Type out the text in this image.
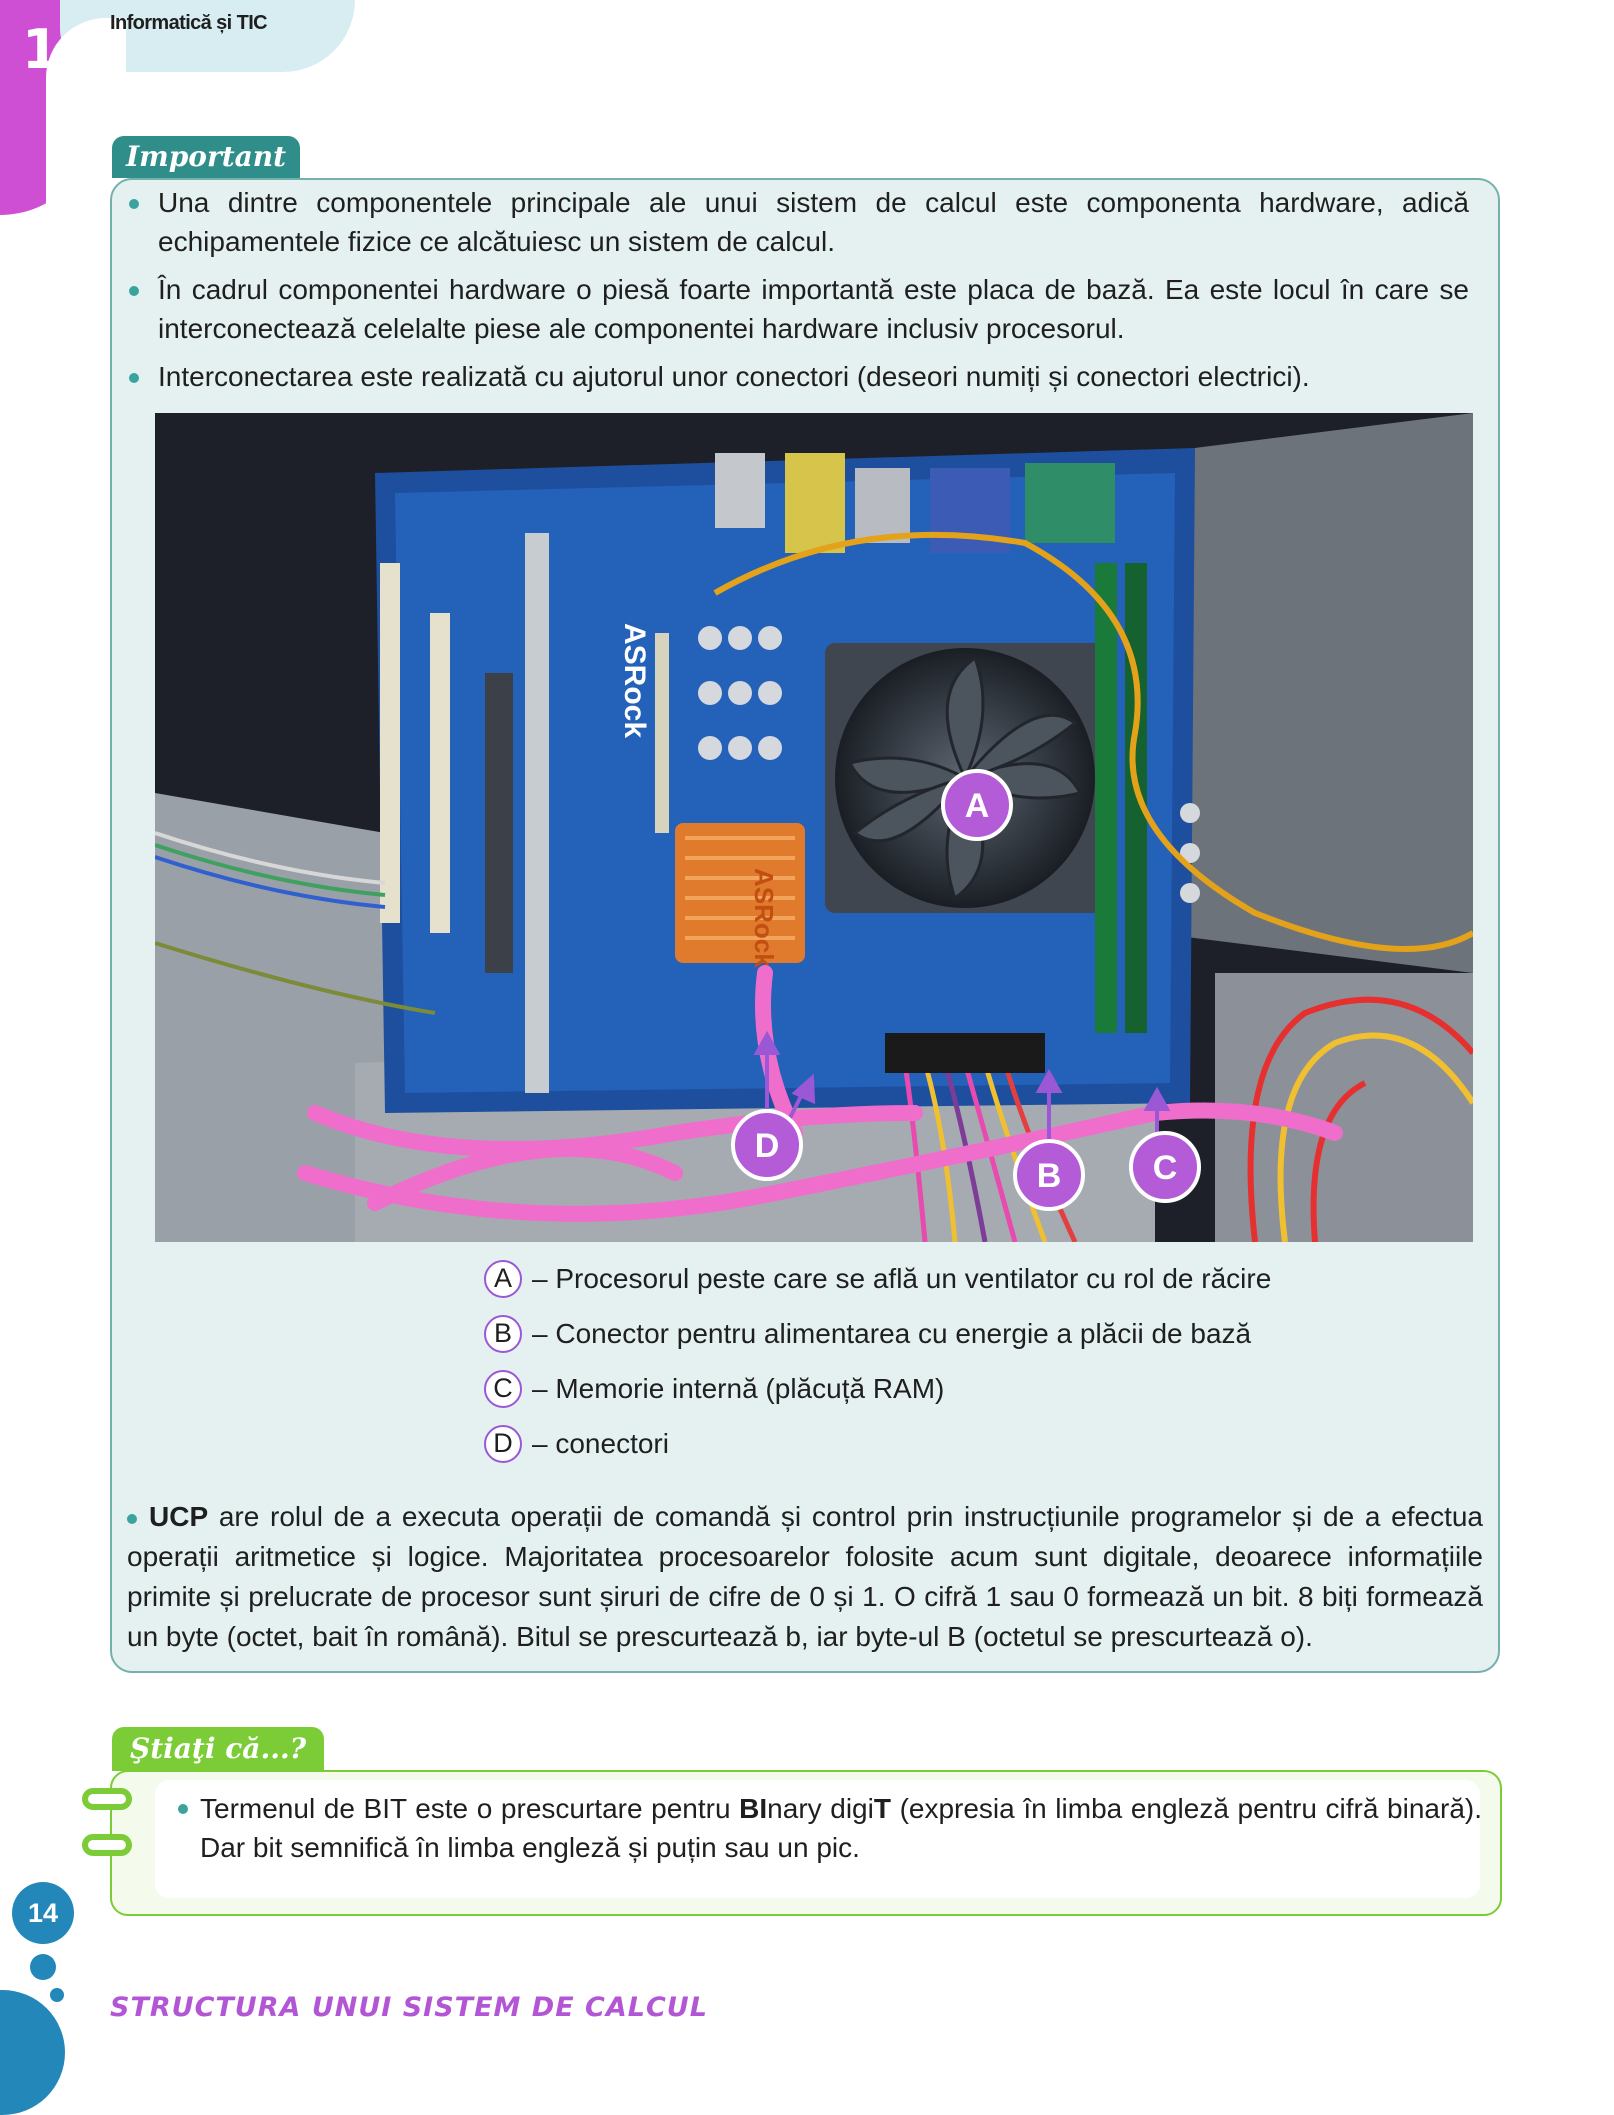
1	Informatică și TIC
Important
Una dintre componentele principale ale unui sistem de calcul este componenta hardware, adică echipamentele fizice ce alcătuiesc un sistem de calcul.
În cadrul componentei hardware o piesă foarte importantă este placa de bază. Ea este locul în care se interconectează celelalte piese ale componentei hardware inclusiv procesorul.
Interconectarea este realizată cu ajutorul unor conectori (deseori numiți și conectori electrici).
ASRock
ASRock
A
D
B	C
A – Procesorul peste care se află un ventilator cu rol de răcire
B – Conector pentru alimentarea cu energie a plăcii de bază
C – Memorie internă (plăcuță RAM)
D – conectori
UCP are rolul de a executa operații de comandă și control prin instrucțiunile programelor și de a efectua operații aritmetice și logice. Majoritatea procesoarelor folosite acum sunt digitale, deoarece informațiile primite și prelucrate de procesor sunt șiruri de cifre de 0 și 1. O cifră 1 sau 0 formează un bit. 8 biți formează un byte (octet, bait în română). Bitul se prescurtează b, iar byte-ul B (octetul se prescurtează o).
Ştiaţi că...?
Termenul de BIT este o prescurtare pentru BInary digiT (expresia în limba engleză pentru cifră binară). Dar bit semnifică în limba engleză și puțin sau un pic.
14
STRUCTURA UNUI SISTEM DE CALCUL
